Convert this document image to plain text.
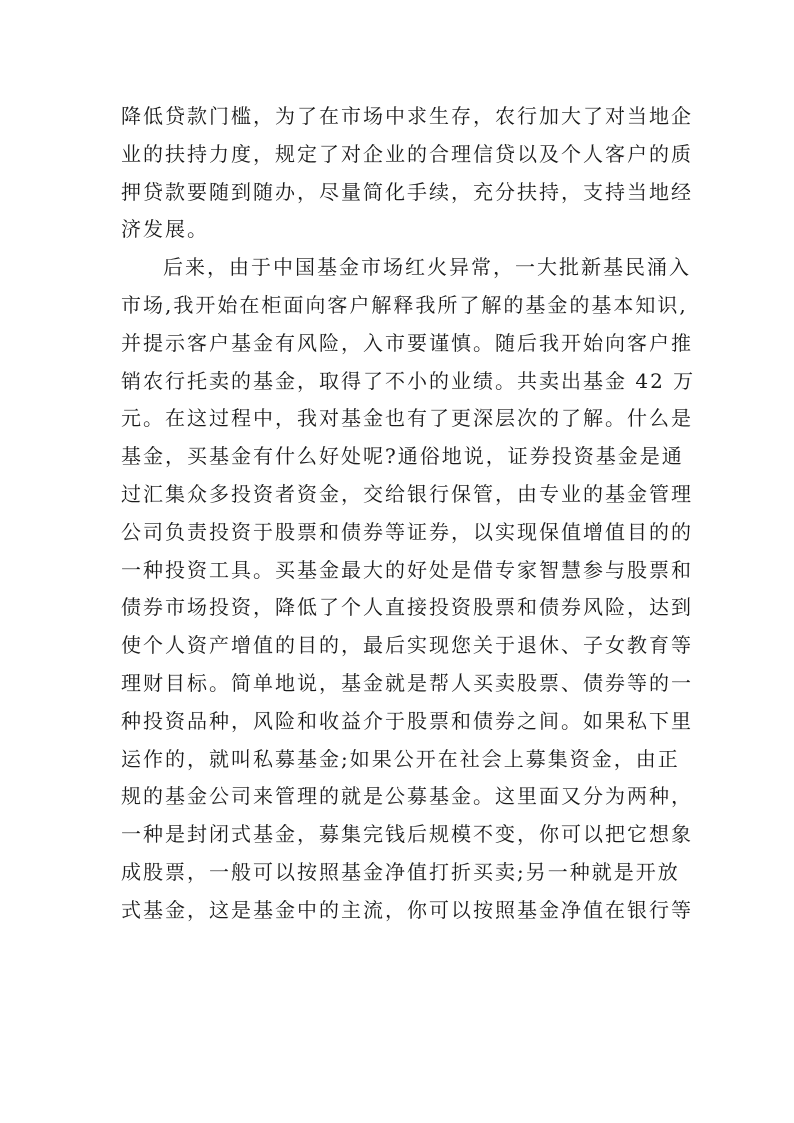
降低贷款门槛，为了在市场中求生存，农行加大了对当地企
业的扶持力度，规定了对企业的合理信贷以及个人客户的质
押贷款要随到随办，尽量简化手续，充分扶持，支持当地经
济发展。
后来，由于中国基金市场红火异常，一大批新基民涌入
市场,我开始在柜面向客户解释我所了解的基金的基本知识,
并提示客户基金有风险，入市要谨慎。随后我开始向客户推
销农行托卖的基金，取得了不小的业绩。共卖出基金 42 万
元。在这过程中，我对基金也有了更深层次的了解。什么是
基金，买基金有什么好处呢?通俗地说，证券投资基金是通
过汇集众多投资者资金，交给银行保管，由专业的基金管理
公司负责投资于股票和债券等证券，以实现保值增值目的的
一种投资工具。买基金最大的好处是借专家智慧参与股票和
债券市场投资，降低了个人直接投资股票和债券风险，达到
使个人资产增值的目的，最后实现您关于退休、子女教育等
理财目标。简单地说，基金就是帮人买卖股票、债券等的一
种投资品种，风险和收益介于股票和债券之间。如果私下里
运作的，就叫私募基金;如果公开在社会上募集资金，由正
规的基金公司来管理的就是公募基金。这里面又分为两种，
一种是封闭式基金，募集完钱后规模不变，你可以把它想象
成股票，一般可以按照基金净值打折买卖;另一种就是开放
式基金，这是基金中的主流，你可以按照基金净值在银行等
